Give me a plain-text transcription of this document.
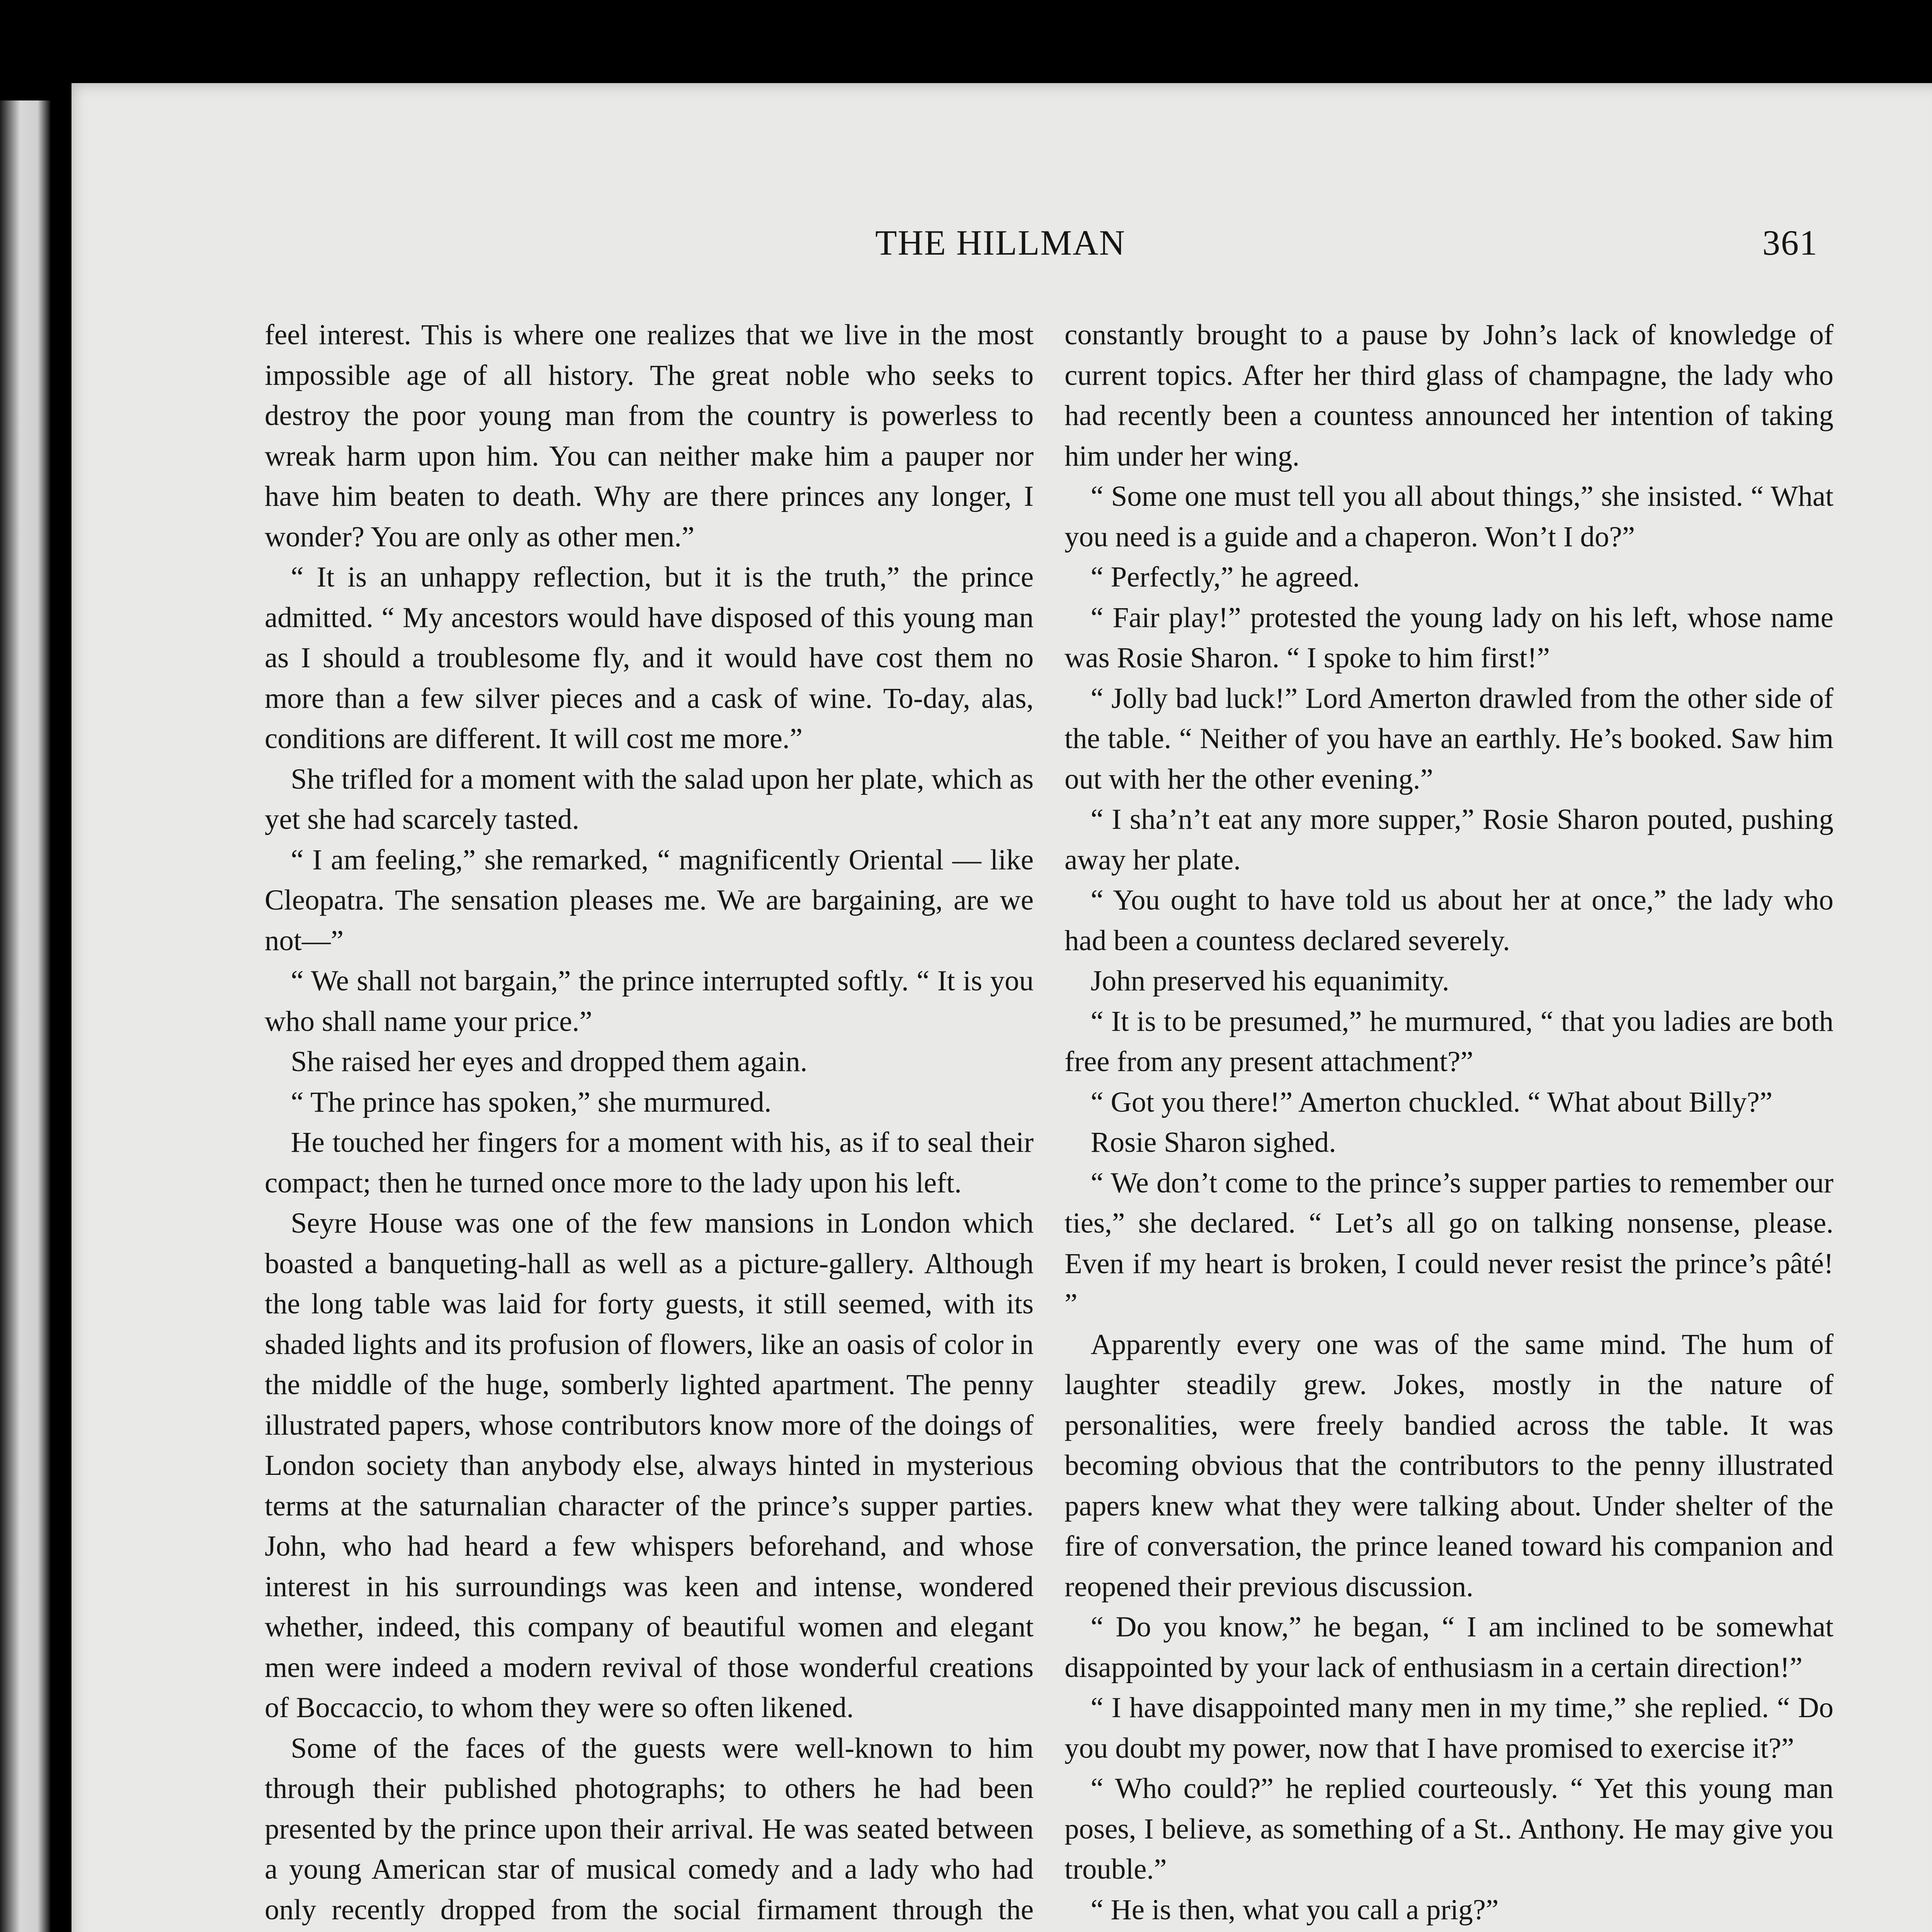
THE HILLMAN	361

feel interest. This is where one realizes that we live in the most impossible age of all history. The great noble who seeks to destroy the poor young man from the country is powerless to wreak harm upon him. You can neither make him a pauper nor have him beaten to death. Why are there princes any longer, I wonder? You are only as other men.”

“ It is an unhappy reflection, but it is the truth,” the prince admitted. “ My ancestors would have disposed of this young man as I should a troublesome fly, and it would have cost them no more than a few silver pieces and a cask of wine. To-day, alas, conditions are different. It will cost me more.”

She trifled for a moment with the salad upon her plate, which as yet she had scarcely tasted.

“ I am feeling,” she remarked, “ magnificently Oriental — like Cleopatra. The sensation pleases me. We are bargaining, are we not—”

“ We shall not bargain,” the prince interrupted softly. “ It is you who shall name your price.”

She raised her eyes and dropped them again.

“ The prince has spoken,” she murmured.

He touched her fingers for a moment with his, as if to seal their compact; then he turned once more to the lady upon his left.

Seyre House was one of the few mansions in London which boasted a banqueting-hall as well as a picture-gallery. Although the long table was laid for forty guests, it still seemed, with its shaded lights and its profusion of flowers, like an oasis of color in the middle of the huge, somberly lighted apartment. The penny illustrated papers, whose contributors know more of the doings of London society than anybody else, always hinted in mysterious terms at the saturnalian character of the prince’s supper parties. John, who had heard a few whispers beforehand, and whose interest in his surroundings was keen and intense, wondered whether, indeed, this company of beautiful women and elegant men were indeed a modern revival of those wonderful creations of Boccaccio, to whom they were so often likened.

Some of the faces of the guests were well-known to him through their published photographs; to others he had been presented by the prince upon their arrival. He was seated between a young American star of musical comedy and a lady who had only recently dropped from the social firmament through the

constantly brought to a pause by John’s lack of knowledge of current topics. After her third glass of champagne, the lady who had recently been a countess announced her intention of taking him under her wing.

“ Some one must tell you all about things,” she insisted. “ What you need is a guide and a chaperon. Won’t I do?”

“ Perfectly,” he agreed.

“ Fair play!” protested the young lady on his left, whose name was Rosie Sharon. “ I spoke to him first!”

“ Jolly bad luck!” Lord Amerton drawled from the other side of the table. “ Neither of you have an earthly. He’s booked. Saw him out with her the other evening.”

“ I sha’n’t eat any more supper,” Rosie Sharon pouted, pushing away her plate.

“ You ought to have told us about her at once,” the lady who had been a countess declared severely.

John preserved his equanimity.

“ It is to be presumed,” he murmured, “ that you ladies are both free from any present attachment?”

“ Got you there!” Amerton chuckled. “ What about Billy?”

Rosie Sharon sighed.

“ We don’t come to the prince’s supper parties to remember our ties,” she declared. “ Let’s all go on talking nonsense, please. Even if my heart is broken, I could never resist the prince’s pâté! ”

Apparently every one was of the same mind. The hum of laughter steadily grew. Jokes, mostly in the nature of personalities, were freely bandied across the table. It was becoming obvious that the contributors to the penny illustrated papers knew what they were talking about. Under shelter of the fire of conversation, the prince leaned toward his companion and reopened their previous discussion.

“ Do you know,” he began, “ I am inclined to be somewhat disappointed by your lack of enthusiasm in a certain direction!”

“ I have disappointed many men in my time,” she replied. “ Do you doubt my power, now that I have promised to exercise it?”

“ Who could?” he replied courteously. “ Yet this young man poses, I believe, as something of a St.. Anthony. He may give you trouble.”

“ He is then, what you call a prig?”
